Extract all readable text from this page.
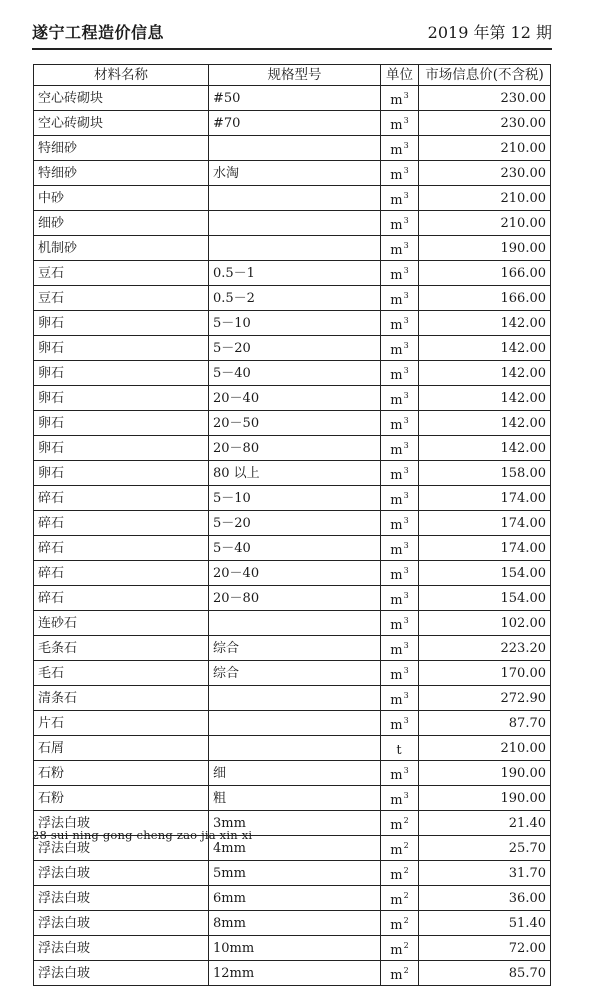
遂宁工程造价信息	2019 年第 12 期
材料名称	规格型号	单位	市场信息价(不含税)
空心砖砌块	#50	$m^3$	230.00
空心砖砌块	#70	$m^3$	230.00
特细砂		$m^3$	210.00
特细砂	水淘	$m^3$	230.00
中砂		$m^3$	210.00
细砂		$m^3$	210.00
机制砂		$m^3$	190.00
豆石	0.5－1	$m^3$	166.00
豆石	0.5－2	$m^3$	166.00
卵石	5－10	$m^3$	142.00
卵石	5－20	$m^3$	142.00
卵石	5－40	$m^3$	142.00
卵石	20－40	$m^3$	142.00
卵石	20－50	$m^3$	142.00
卵石	20－80	$m^3$	142.00
卵石	80 以上	$m^3$	158.00
碎石	5－10	$m^3$	174.00
碎石	5－20	$m^3$	174.00
碎石	5－40	$m^3$	174.00
碎石	20－40	$m^3$	154.00
碎石	20－80	$m^3$	154.00
连砂石		$m^3$	102.00
毛条石	综合	$m^3$	223.20
毛石	综合	$m^3$	170.00
清条石		$m^3$	272.90
片石		$m^3$	87.70
石屑		t	210.00
石粉	细	$m^3$	190.00
石粉	粗	$m^3$	190.00
浮法白玻	3mm	$m^2$	21.40
浮法白玻	4mm	$m^2$	25.70
浮法白玻	5mm	$m^2$	31.70
浮法白玻	6mm	$m^2$	36.00
浮法白玻	8mm	$m^2$	51.40
浮法白玻	10mm	$m^2$	72.00
浮法白玻	12mm	$m^2$	85.70
28 sui ning gong cheng zao jia xin xi
